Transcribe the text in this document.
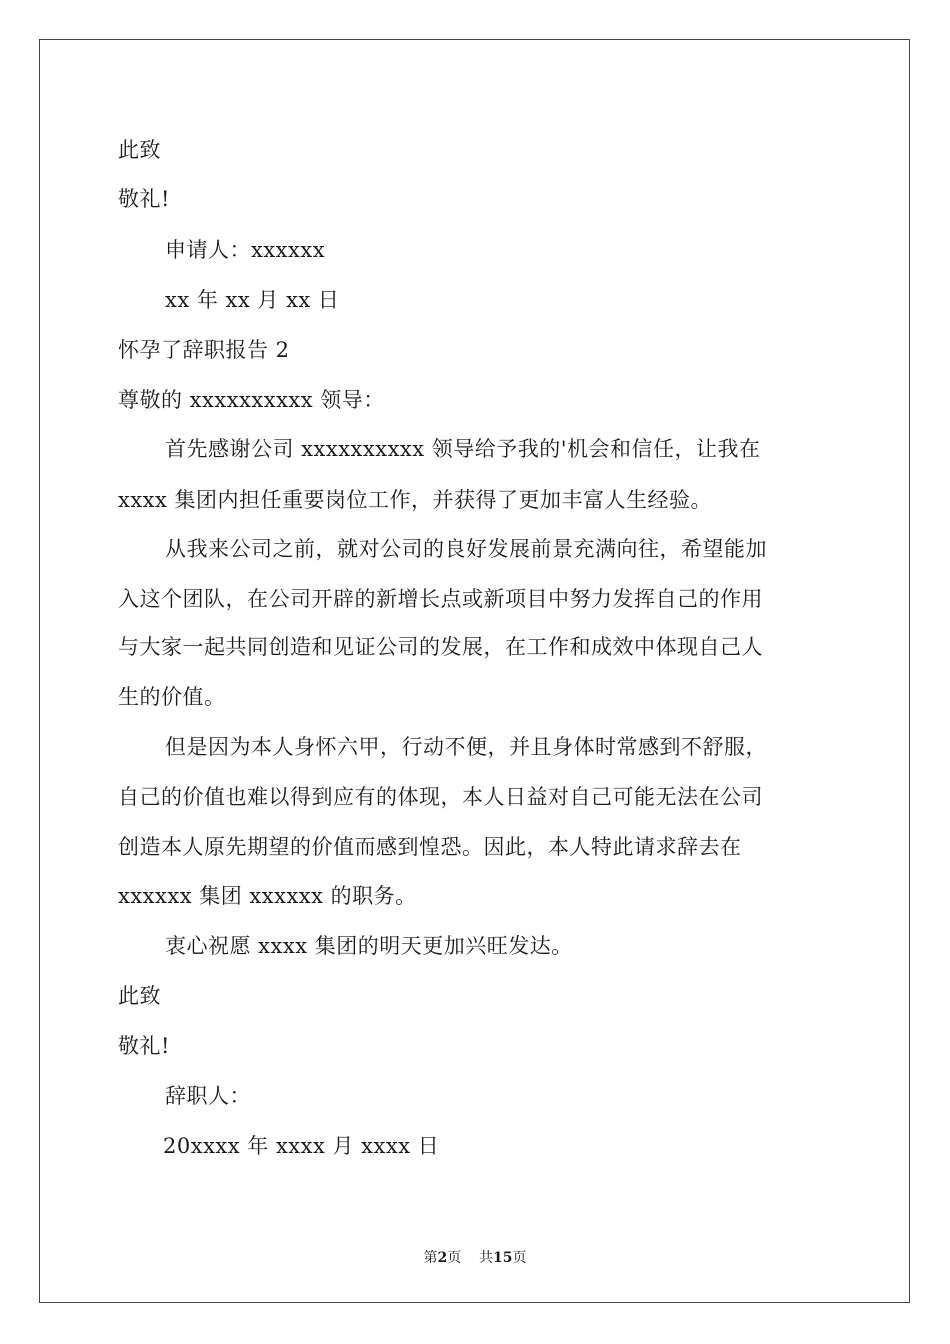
此致
敬礼!
申请人：xxxxxx
xx 年 xx 月 xx 日
怀孕了辞职报告 2
尊敬的 xxxxxxxxxx 领导：
首先感谢公司 xxxxxxxxxx 领导给予我的'机会和信任，让我在
xxxx 集团内担任重要岗位工作，并获得了更加丰富人生经验。
从我来公司之前，就对公司的良好发展前景充满向往，希望能加
入这个团队，在公司开辟的新增长点或新项目中努力发挥自己的作用
与大家一起共同创造和见证公司的发展，在工作和成效中体现自己人
生的价值。
但是因为本人身怀六甲，行动不便，并且身体时常感到不舒服，
自己的价值也难以得到应有的体现，本人日益对自己可能无法在公司
创造本人原先期望的价值而感到惶恐。因此，本人特此请求辞去在
xxxxxx 集团 xxxxxx 的职务。
衷心祝愿 xxxx 集团的明天更加兴旺发达。
此致
敬礼!
辞职人：
20xxxx 年 xxxx 月 xxxx 日
第2页 共15页
